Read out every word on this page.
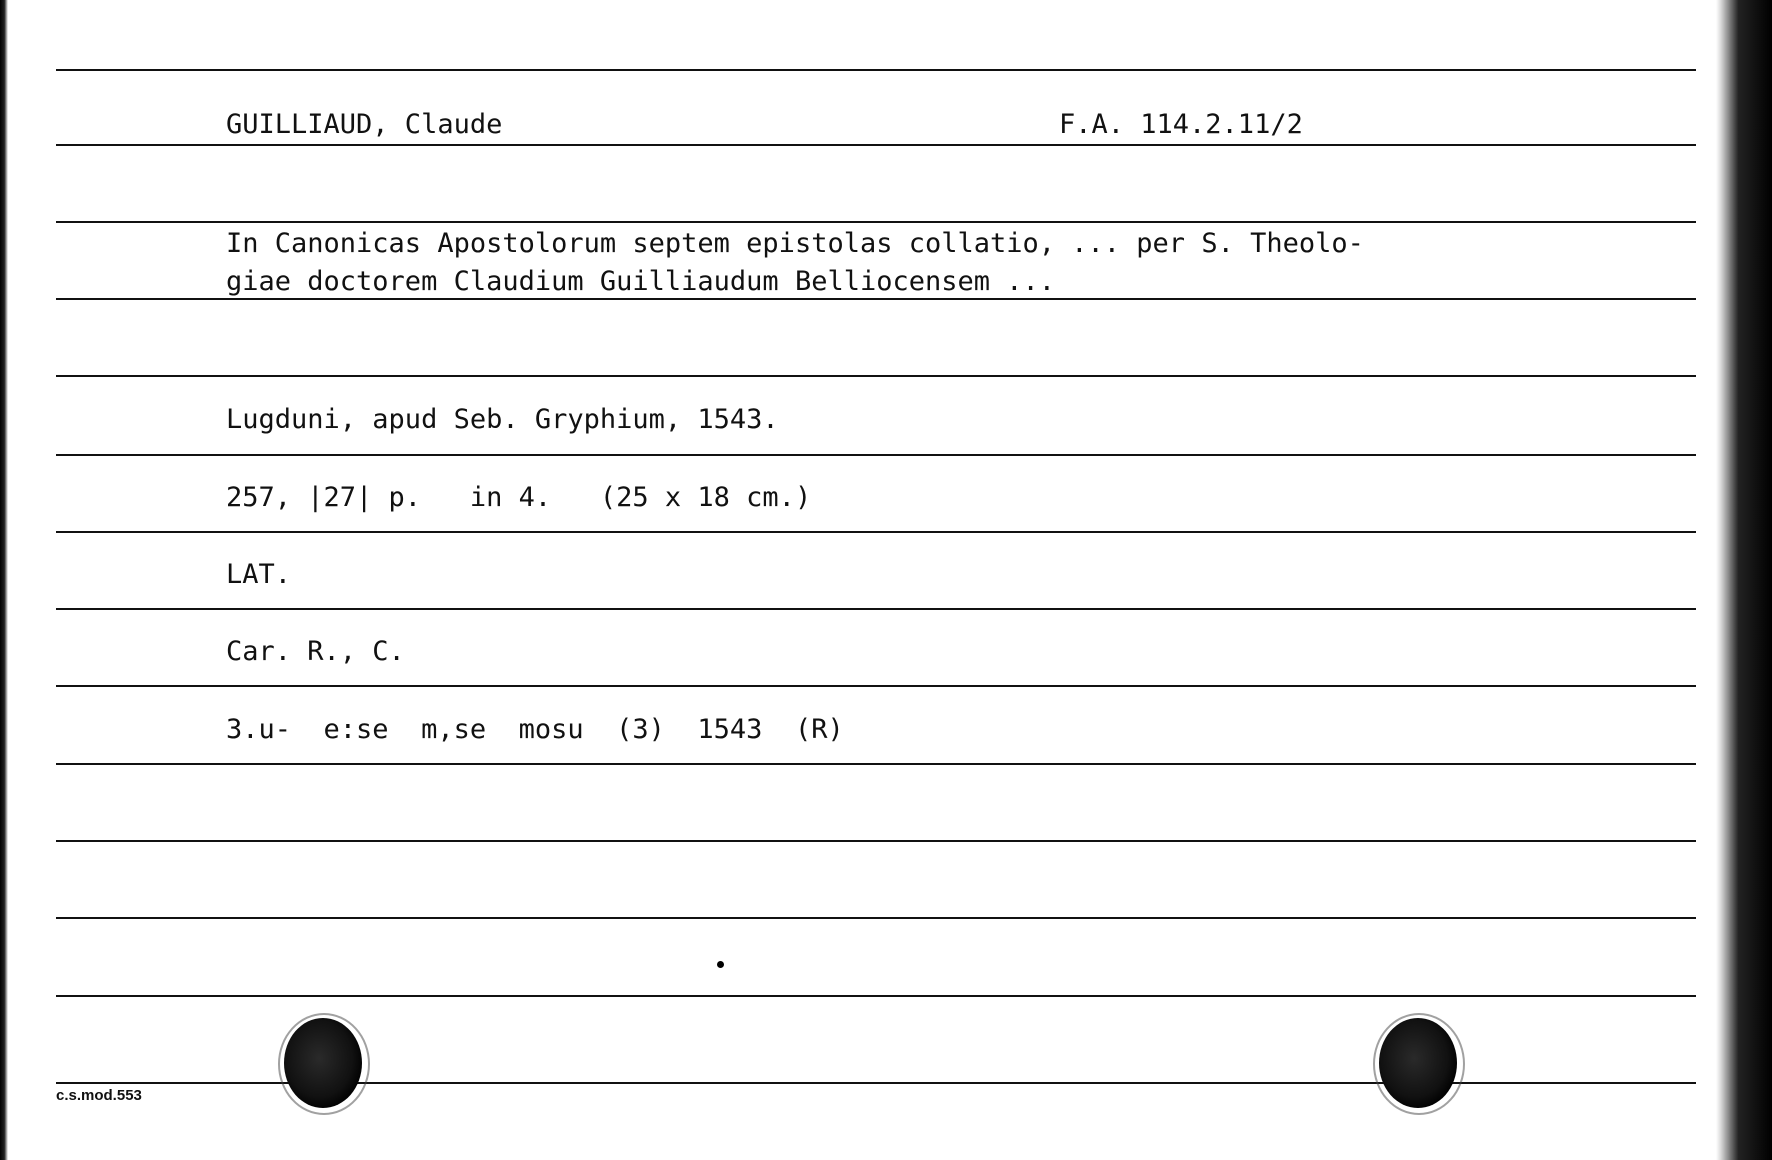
GUILLIAUD, Claude	F.A. 114.2.11/2
In Canonicas Apostolorum septem epistolas collatio, ... per S. Theolo-
giae doctorem Claudium Guilliaudum Belliocensem ...
Lugduni, apud Seb. Gryphium, 1543.
257, |27| p.   in 4.   (25 x 18 cm.)
LAT.
Car. R., C.
3.u-  e:se  m,se  mosu  (3)  1543  (R)
c.s.mod.553
